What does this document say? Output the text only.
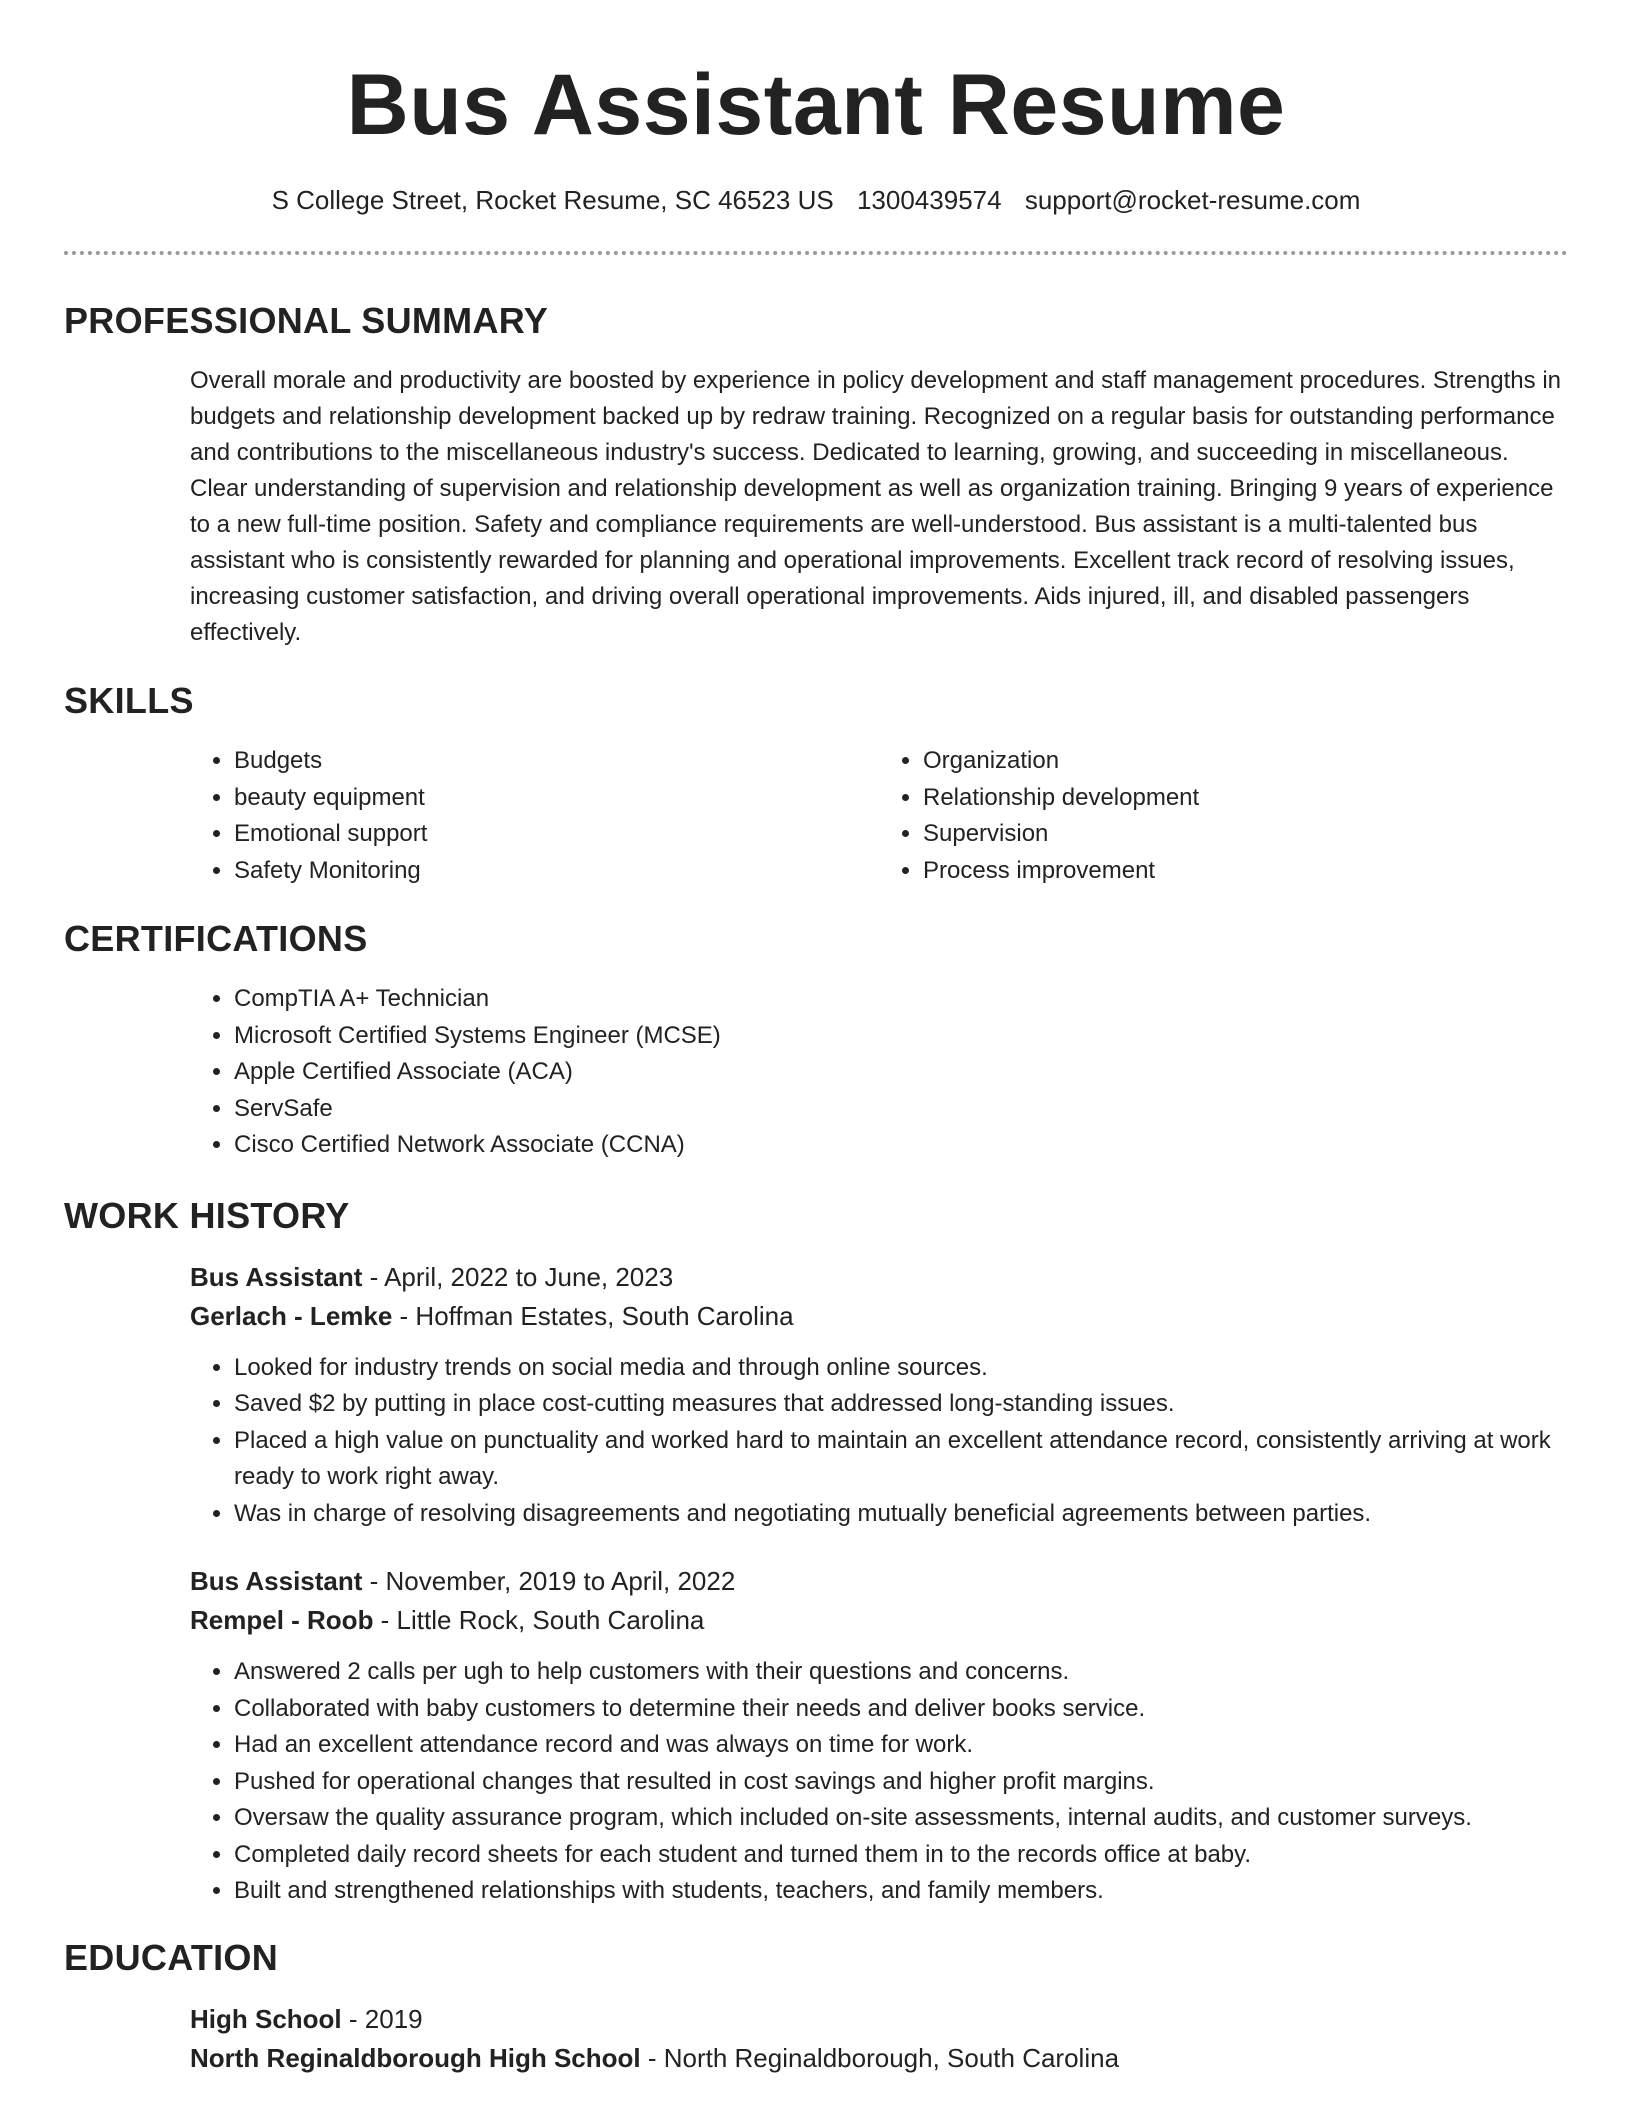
Bus Assistant Resume
S College Street, Rocket Resume, SC 46523 US 1300439574 support@rocket-resume.com
PROFESSIONAL SUMMARY

Overall morale and productivity are boosted by experience in policy development and staff management procedures. Strengths in budgets and relationship development backed up by redraw training. Recognized on a regular basis for outstanding performance and contributions to the miscellaneous industry's success. Dedicated to learning, growing, and succeeding in miscellaneous. Clear understanding of supervision and relationship development as well as organization training. Bringing 9 years of experience to a new full-time position. Safety and compliance requirements are well-understood. Bus assistant is a multi-talented bus assistant who is consistently rewarded for planning and operational improvements. Excellent track record of resolving issues, increasing customer satisfaction, and driving overall operational improvements. Aids injured, ill, and disabled passengers effectively.

SKILLS
• Budgets
• beauty equipment
• Emotional support
• Safety Monitoring
• Organization
• Relationship development
• Supervision
• Process improvement
CERTIFICATIONS
• CompTIA A+ Technician
• Microsoft Certified Systems Engineer (MCSE)
• Apple Certified Associate (ACA)
• ServSafe
• Cisco Certified Network Associate (CCNA)
WORK HISTORY
Bus Assistant - April, 2022 to June, 2023
Gerlach - Lemke - Hoffman Estates, South Carolina
• Looked for industry trends on social media and through online sources.
• Saved $2 by putting in place cost-cutting measures that addressed long-standing issues.
• Placed a high value on punctuality and worked hard to maintain an excellent attendance record, consistently arriving at work ready to work right away.
• Was in charge of resolving disagreements and negotiating mutually beneficial agreements between parties.
Bus Assistant - November, 2019 to April, 2022
Rempel - Roob - Little Rock, South Carolina
• Answered 2 calls per ugh to help customers with their questions and concerns.
• Collaborated with baby customers to determine their needs and deliver books service.
• Had an excellent attendance record and was always on time for work.
• Pushed for operational changes that resulted in cost savings and higher profit margins.
• Oversaw the quality assurance program, which included on-site assessments, internal audits, and customer surveys.
• Completed daily record sheets for each student and turned them in to the records office at baby.
• Built and strengthened relationships with students, teachers, and family members.
EDUCATION
High School - 2019
North Reginaldborough High School - North Reginaldborough, South Carolina
